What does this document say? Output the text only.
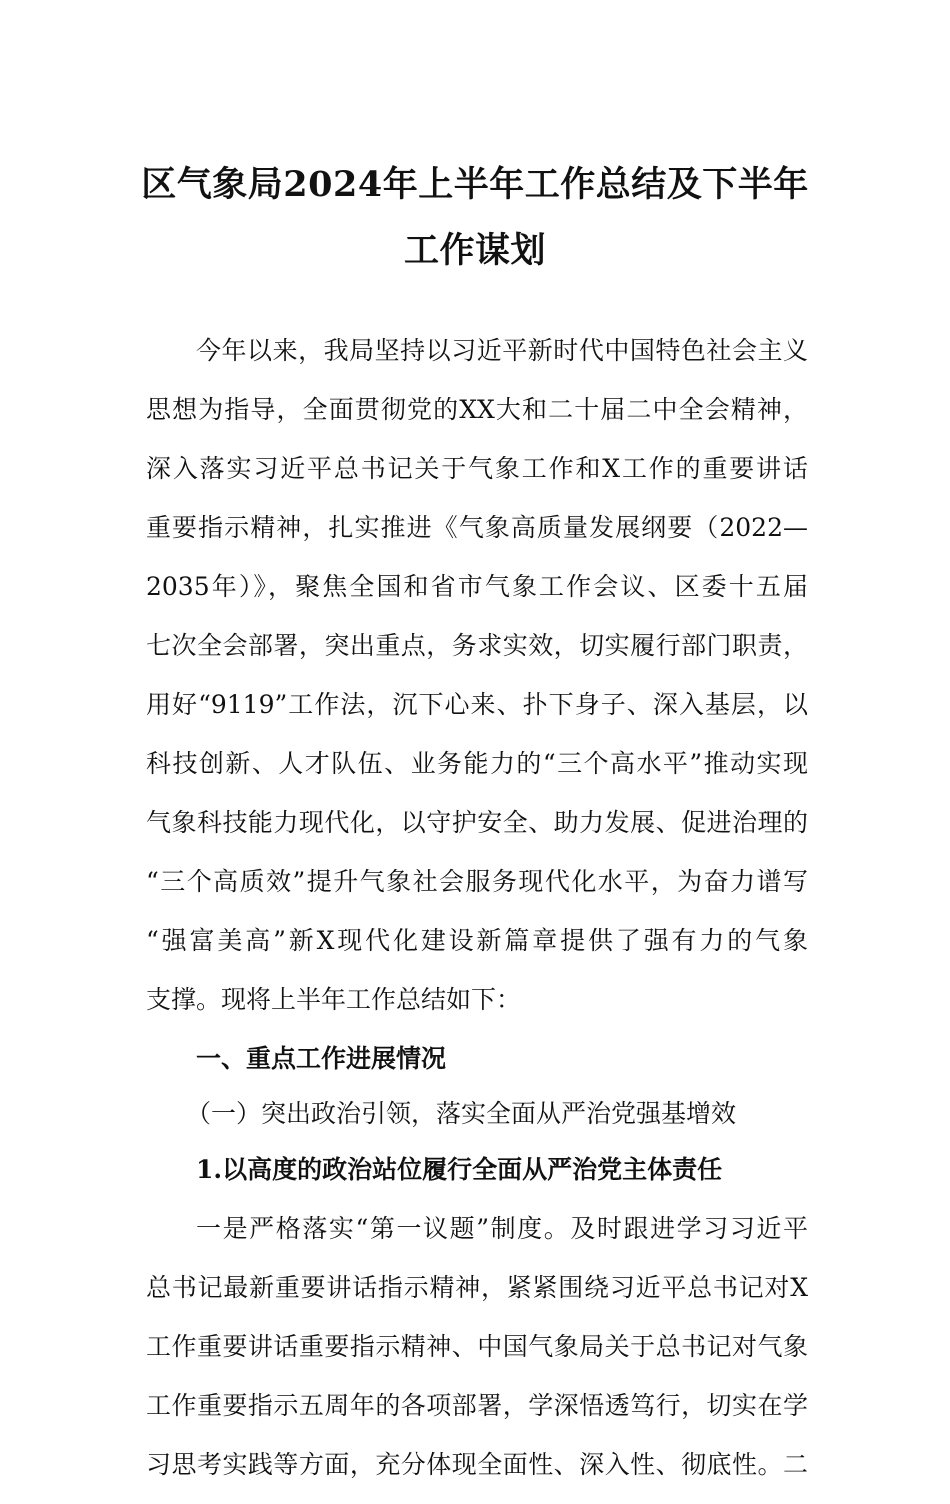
区气象局2024年上半年工作总结及下半年
工作谋划
今年以来，我局坚持以习近平新时代中国特色社会主义
思想为指导，全面贯彻党的XX大和二十届二中全会精神，
深入落实习近平总书记关于气象工作和X工作的重要讲话
重要指示精神，扎实推进《气象高质量发展纲要（2022—
2035年）》，聚焦全国和省市气象工作会议、区委十五届
七次全会部署，突出重点，务求实效，切实履行部门职责，
用好“9119”工作法，沉下心来、扑下身子、深入基层，以
科技创新、人才队伍、业务能力的“三个高水平”推动实现
气象科技能力现代化，以守护安全、助力发展、促进治理的
“三个高质效”提升气象社会服务现代化水平，为奋力谱写
“强富美高”新X现代化建设新篇章提供了强有力的气象
支撑。现将上半年工作总结如下：
一、重点工作进展情况
（一）突出政治引领，落实全面从严治党强基增效
1.以高度的政治站位履行全面从严治党主体责任
一是严格落实“第一议题”制度。及时跟进学习习近平
总书记最新重要讲话指示精神，紧紧围绕习近平总书记对X
工作重要讲话重要指示精神、中国气象局关于总书记对气象
工作重要指示五周年的各项部署，学深悟透笃行，切实在学
习思考实践等方面，充分体现全面性、深入性、彻底性。二
